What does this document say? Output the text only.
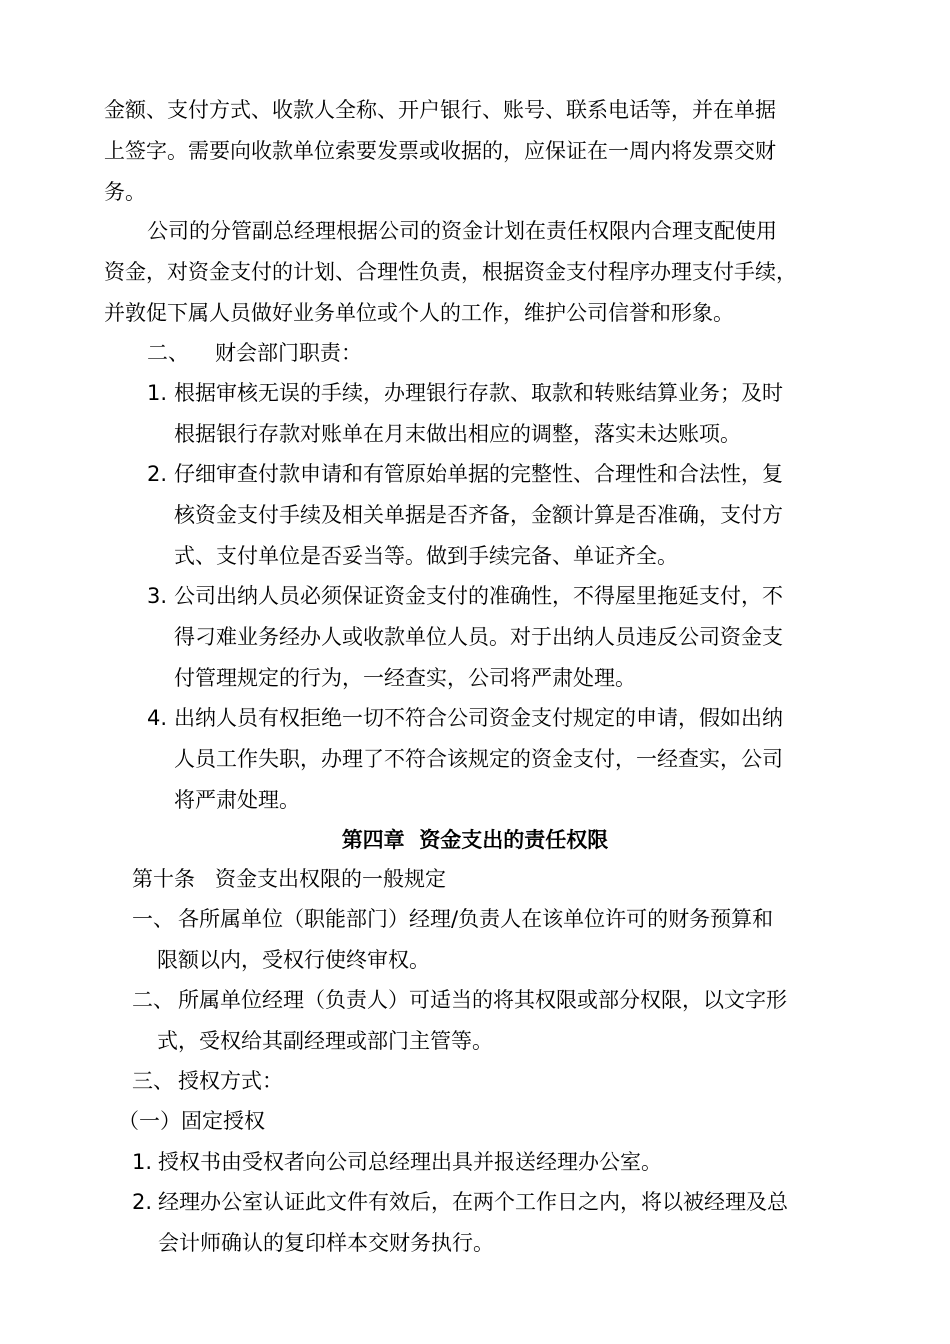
金额、支付方式、收款人全称、开户银行、账号、联系电话等，并在单据
上签字。需要向收款单位索要发票或收据的，应保证在一周内将发票交财
务。
公司的分管副总经理根据公司的资金计划在责任权限内合理支配使用
资金，对资金支付的计划、合理性负责，根据资金支付程序办理支付手续，
并敦促下属人员做好业务单位或个人的工作，维护公司信誉和形象。
二、 财会部门职责：
1. 根据审核无误的手续，办理银行存款、取款和转账结算业务；及时
根据银行存款对账单在月末做出相应的调整，落实未达账项。
2. 仔细审查付款申请和有管原始单据的完整性、合理性和合法性，复
核资金支付手续及相关单据是否齐备，金额计算是否准确，支付方
式、支付单位是否妥当等。做到手续完备、单证齐全。
3. 公司出纳人员必须保证资金支付的准确性，不得屋里拖延支付，不
得刁难业务经办人或收款单位人员。对于出纳人员违反公司资金支
付管理规定的行为，一经查实，公司将严肃处理。
4. 出纳人员有权拒绝一切不符合公司资金支付规定的申请，假如出纳
人员工作失职，办理了不符合该规定的资金支付，一经查实，公司
将严肃处理。
第四章  资金支出的责任权限
第十条   资金支出权限的一般规定
一、 各所属单位（职能部门）经理/负责人在该单位许可的财务预算和
限额以内，受权行使终审权。
二、 所属单位经理（负责人）可适当的将其权限或部分权限，以文字形
式，受权给其副经理或部门主管等。
三、 授权方式：
（一）固定授权
1. 授权书由受权者向公司总经理出具并报送经理办公室。
2. 经理办公室认证此文件有效后，在两个工作日之内，将以被经理及总
会计师确认的复印样本交财务执行。
